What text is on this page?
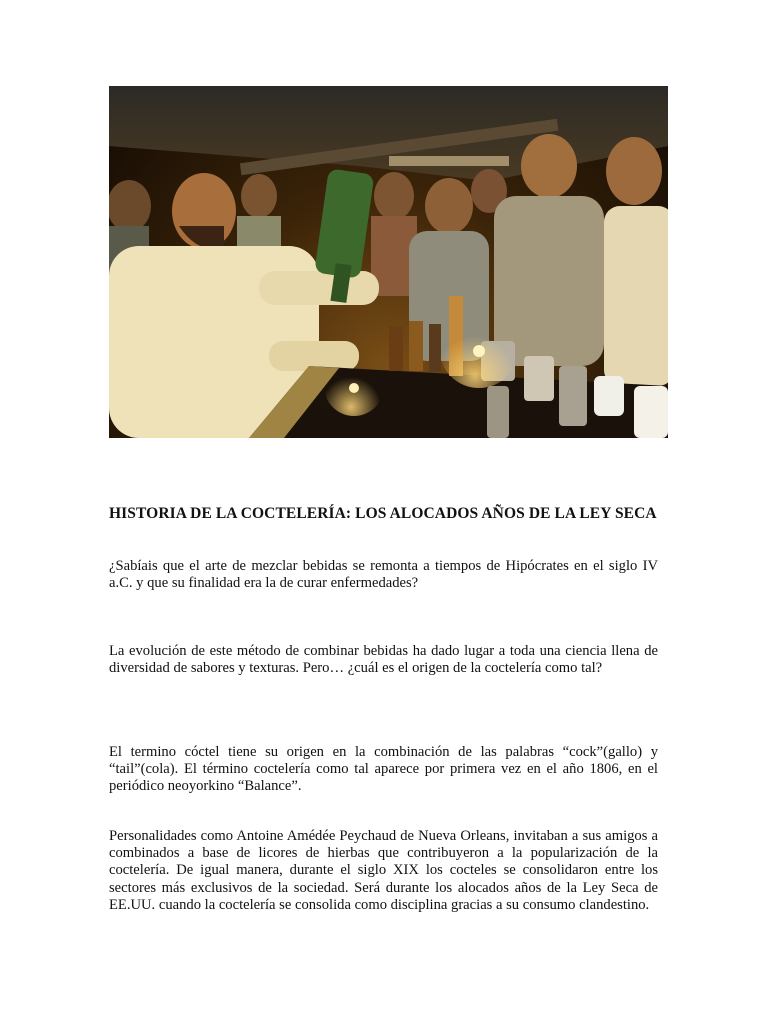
HISTORIA DE LA COCTELERÍA: LOS ALOCADOS AÑOS DE LA LEY SECA

¿Sabíais que el arte de mezclar bebidas se remonta a tiempos de Hipócrates en el siglo IV a.C. y que su finalidad era la de curar enfermedades?

La evolución de este método de combinar bebidas ha dado lugar a toda una ciencia llena de diversidad de sabores y texturas. Pero… ¿cuál es el origen de la coctelería como tal?

El termino cóctel tiene su origen en la combinación de las palabras “cock”(gallo) y “tail”(cola). El término coctelería como tal aparece por primera vez en el año 1806, en el periódico neoyorkino “Balance”.

Personalidades como Antoine Amédée Peychaud de Nueva Orleans, invitaban a sus amigos a combinados a base de licores de hierbas que contribuyeron a la popularización de la coctelería. De igual manera, durante el siglo XIX los cocteles se consolidaron entre los sectores más exclusivos de la sociedad. Será durante los alocados años de la Ley Seca de EE.UU. cuando la coctelería se consolida como disciplina gracias a su consumo clandestino.
